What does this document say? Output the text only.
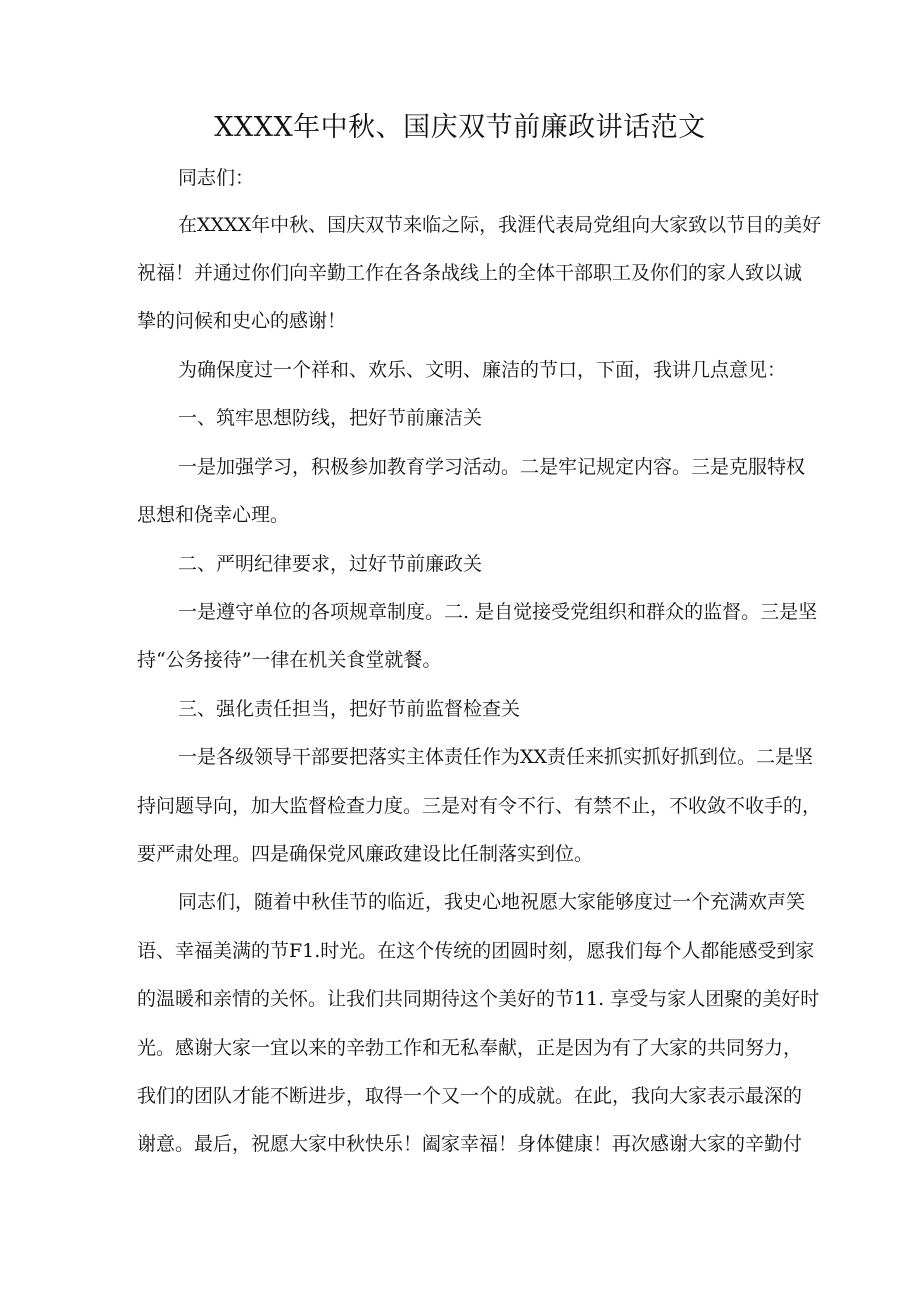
XXXX年中秋、国庆双节前廉政讲话范文
同志们：
在XXXX年中秋、国庆双节来临之际，我涯代表局党组向大家致以节目的美好
祝福！并通过你们向辛勤工作在各条战线上的全体干部职工及你们的家人致以诚
挚的问候和史心的感谢！
为确保度过一个祥和、欢乐、文明、廉洁的节口，下面，我讲几点意见：
一、筑牢思想防线，把好节前廉洁关
一是加强学习，积极参加教育学习活动。二是牢记规定内容。三是克服特权
思想和侥幸心理。
二、严明纪律要求，过好节前廉政关
一是遵守单位的各项规章制度。二. 是自觉接受党组织和群众的监督。三是坚
持“公务接待”一律在机关食堂就餐。
三、强化责任担当，把好节前监督检查关
一是各级领导干部要把落实主体责任作为XX责任来抓实抓好抓到位。二是坚
持问题导向，加大监督检查力度。三是对有令不行、有禁不止，不收敛不收手的，
要严肃处理。四是确保党风廉政建设比任制落实到位。
同志们，随着中秋佳节的临近，我史心地祝愿大家能够度过一个充满欢声笑
语、幸福美满的节F1.时光。在这个传统的团圆时刻，愿我们每个人都能感受到家
的温暖和亲情的关怀。让我们共同期待这个美好的节11. 享受与家人团聚的美好时
光。感谢大家一宜以来的辛勃工作和无私奉献，正是因为有了大家的共同努力，
我们的团队才能不断进步，取得一个又一个的成就。在此，我向大家表示最深的
谢意。最后，祝愿大家中秋快乐！阖家幸福！身体健康！再次感谢大家的辛勤付
